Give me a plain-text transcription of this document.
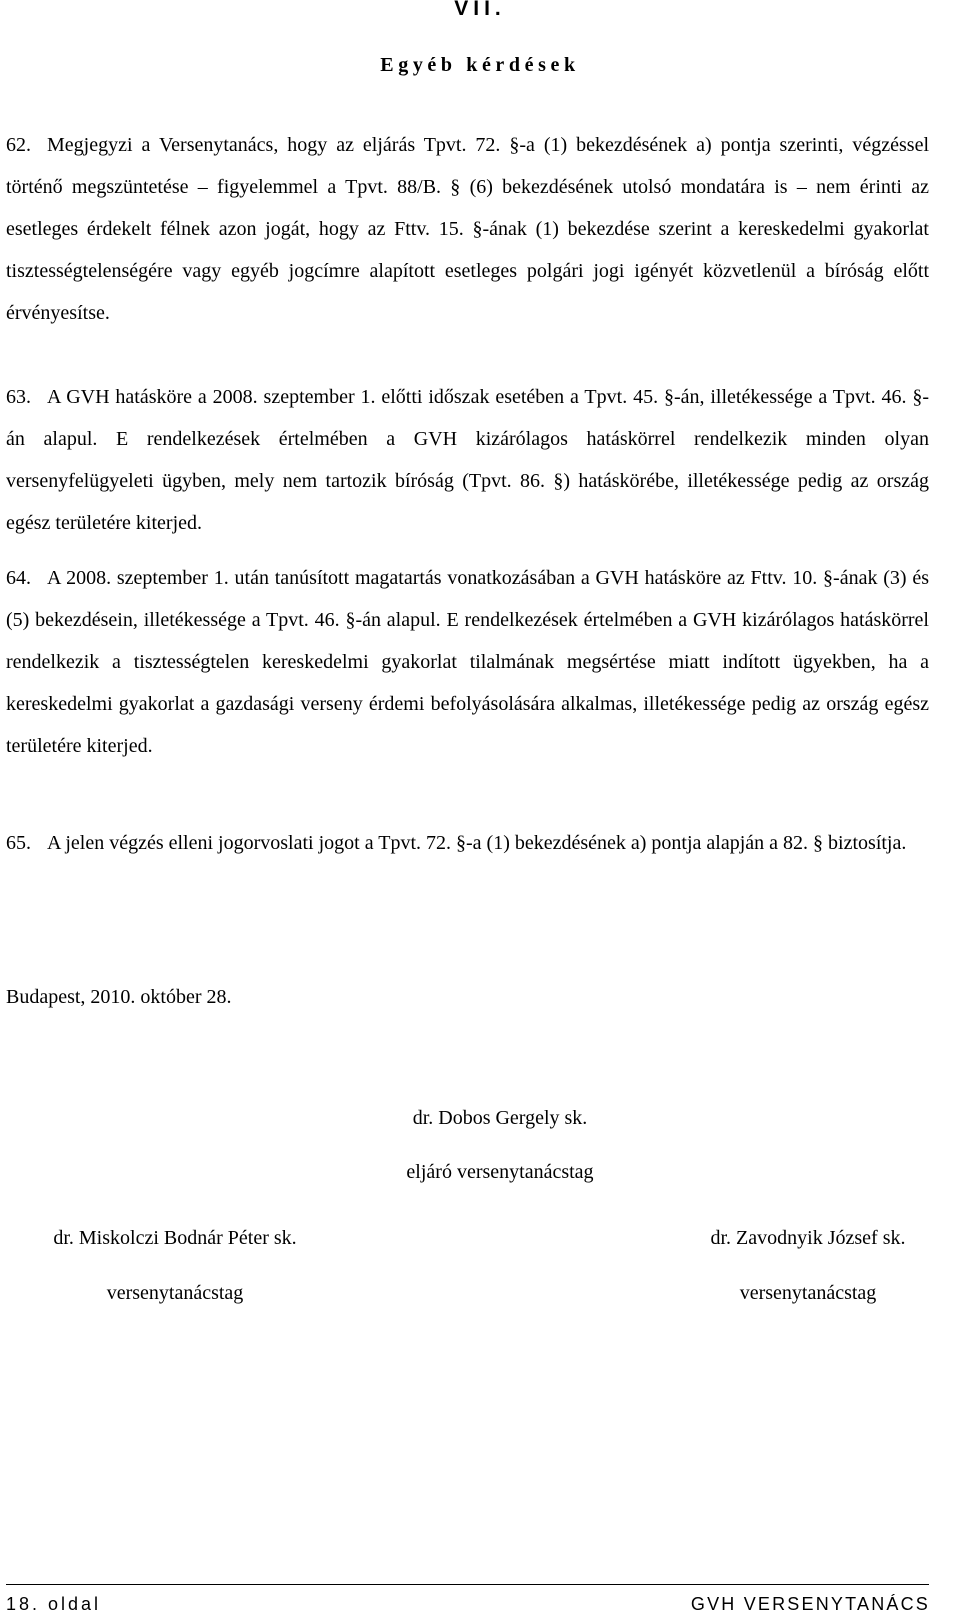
VII.
Egyéb kérdések

62. Megjegyzi a Versenytanács, hogy az eljárás Tpvt. 72. §-a (1) bekezdésének a) pontja szerinti, végzéssel történő megszüntetése – figyelemmel a Tpvt. 88/B. § (6) bekezdésének utolsó mondatára is – nem érinti az esetleges érdekelt félnek azon jogát, hogy az Fttv. 15. §-ának (1) bekezdése szerint a kereskedelmi gyakorlat tisztességtelenségére vagy egyéb jogcímre alapított esetleges polgári jogi igényét közvetlenül a bíróság előtt érvényesítse.

63. A GVH hatásköre a 2008. szeptember 1. előtti időszak esetében a Tpvt. 45. §-án, illetékessége a Tpvt. 46. §-án alapul. E rendelkezések értelmében a GVH kizárólagos hatáskörrel rendelkezik minden olyan versenyfelügyeleti ügyben, mely nem tartozik bíróság (Tpvt. 86. §) hatáskörébe, illetékessége pedig az ország egész területére kiterjed.

64. A 2008. szeptember 1. után tanúsított magatartás vonatkozásában a GVH hatásköre az Fttv. 10. §-ának (3) és (5) bekezdésein, illetékessége a Tpvt. 46. §-án alapul. E rendelkezések értelmében a GVH kizárólagos hatáskörrel rendelkezik a tisztességtelen kereskedelmi gyakorlat tilalmának megsértése miatt indított ügyekben, ha a kereskedelmi gyakorlat a gazdasági verseny érdemi befolyásolására alkalmas, illetékessége pedig az ország egész területére kiterjed.

65. A jelen végzés elleni jogorvoslati jogot a Tpvt. 72. §-a (1) bekezdésének a) pontja alapján a 82. § biztosítja.

Budapest, 2010. október 28.
dr. Dobos Gergely sk.
eljáró versenytanácstag
dr. Miskolczi Bodnár Péter sk.
versenytanácstag
dr. Zavodnyik József sk.
versenytanácstag
18. oldal	GVH VERSENYTANÁCS
